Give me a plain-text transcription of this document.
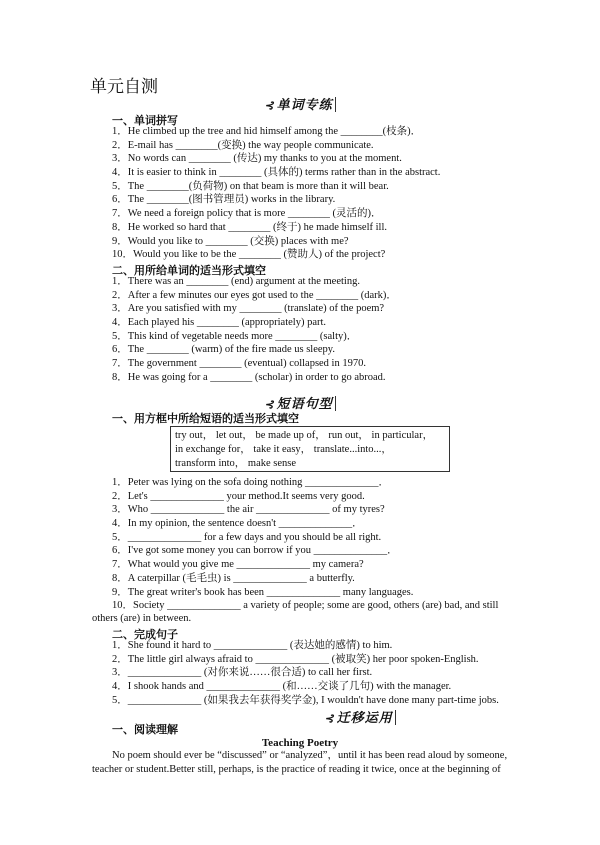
单元自测
⊰ 单词专练
一、单词拼写
1．He climbed up the tree and hid himself among the ________(枝条)．
2．E-mail has ________(变换) the way people communicate.
3．No words can ________ (传达) my thanks to you at the moment.
4．It is easier to think in ________ (具体的) terms rather than in the abstract.
5．The ________(负荷物) on that beam is more than it will bear.
6．The ________(图书管理员) works in the library.
7．We need a foreign policy that is more ________ (灵活的)．
8．He worked so hard that ________ (终于) he made himself ill.
9．Would you like to ________ (交换) places with me?
10．Would you like to be the ________ (赞助人) of the project?
二、用所给单词的适当形式填空
1．There was an ________ (end) argument at the meeting.
2．After a few minutes our eyes got used to the ________ (dark)．
3．Are you satisfied with my ________ (translate) of the poem?
4．Each played his ________ (appropriately) part.
5．This kind of vegetable needs more ________ (salty)．
6．The ________ (warm) of the fire made us sleepy.
7．The government ________ (eventual) collapsed in 1970.
8．He was going for a ________ (scholar) in order to go abroad.
⊰ 短语句型
一、用方框中所给短语的适当形式填空
try out， let out， be made up of， run out， in particular，
in exchange for， take it easy， translate...into...，
transform into， make sense
1．Peter was lying on the sofa doing nothing ______________．
2．Let's ______________ your method.It seems very good.
3．Who ______________ the air ______________ of my tyres?
4．In my opinion, the sentence doesn't ______________．
5．______________ for a few days and you should be all right.
6．I've got some money you can borrow if you ______________．
7．What would you give me ______________ my camera?
8．A caterpillar (毛毛虫) is ______________ a butterfly.
9．The great writer's book has been ______________ many languages.
10．Society ______________ a variety of people; some are good, others (are) bad, and still
others (are) in between.
二、完成句子
1．She found it hard to ______________ (表达她的感情) to him.
2．The little girl always afraid to ______________ (被取笑) her poor spoken-English.
3．______________ (对你来说……很合适) to call her first.
4．I shook hands and ______________ (和……交谈了几句) with the manager.
5．______________ (如果我去年获得奖学金), I wouldn't have done many part-time jobs.
⊰ 迁移运用
一、阅读理解
Teaching Poetry
No poem should ever be “discussed” or “analyzed”，until it has been read aloud by someone, teacher or student.Better still, perhaps, is the practice of reading it twice, once at the beginning of
